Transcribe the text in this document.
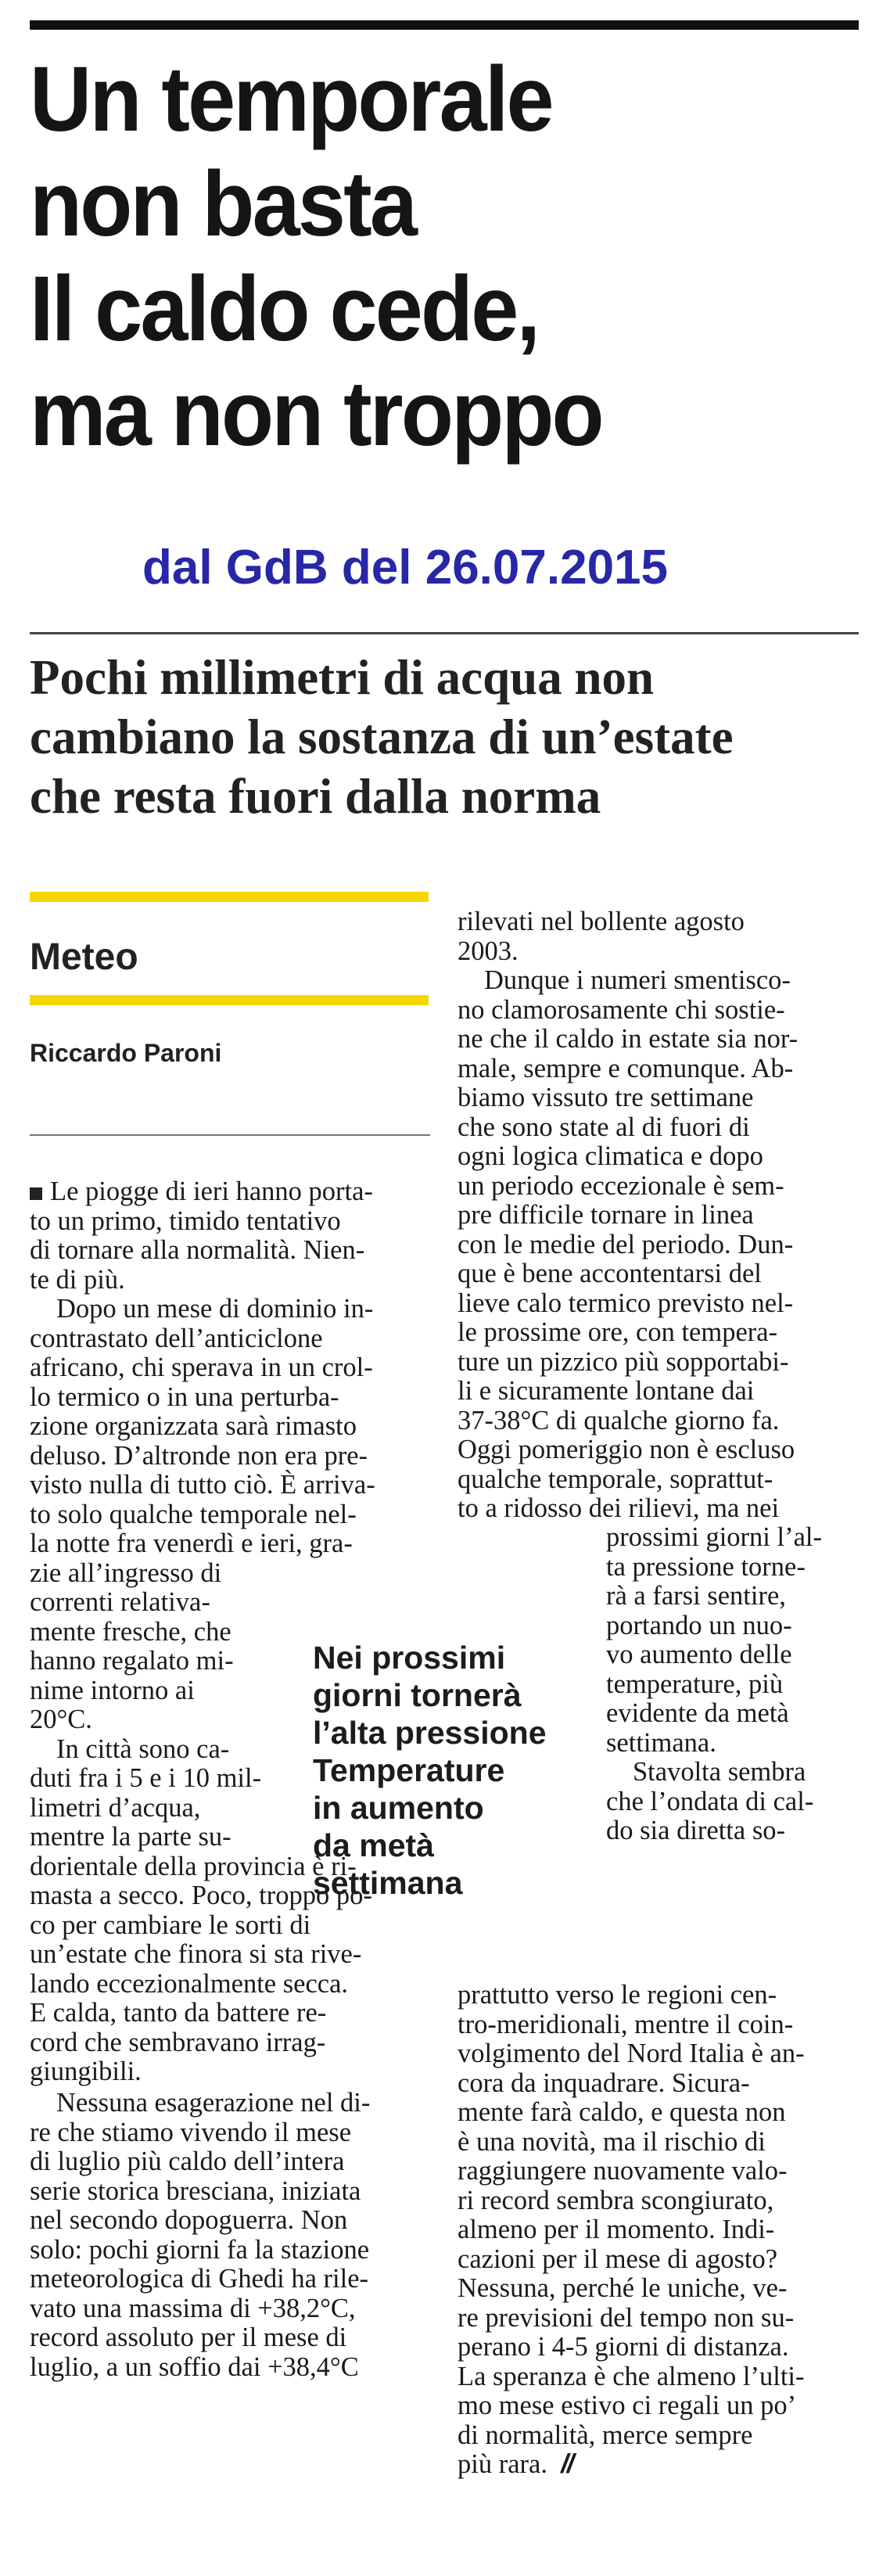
Un temporale
non basta
Il caldo cede,
ma non troppo

dal GdB del 26.07.2015

Pochi millimetri di acqua non
cambiano la sostanza di un’estate
che resta fuori dalla norma

Meteo

Riccardo Paroni

Le piogge di ieri hanno porta-
to un primo, timido tentativo
di tornare alla normalità. Nien-
te di più.
Dopo un mese di dominio in-
contrastato dell’anticiclone
africano, chi sperava in un crol-
lo termico o in una perturba-
zione organizzata sarà rimasto
deluso. D’altronde non era pre-
visto nulla di tutto ciò. È arriva-
to solo qualche temporale nel-
la notte fra venerdì e ieri, gra-
zie all’ingresso di
correnti relativa-
mente fresche, che
hanno regalato mi-
nime intorno ai
20°C.
In città sono ca-
duti fra i 5 e i 10 mil-
limetri d’acqua,
mentre la parte su-
dorientale della provincia è ri-
masta a secco. Poco, troppo po-
co per cambiare le sorti di
un’estate che finora si sta rive-
lando eccezionalmente secca.
E calda, tanto da battere re-
cord che sembravano irrag-
giungibili.
Nei prossimi
giorni tornerà
l’alta pressione
Temperature
in aumento
da metà
settimana
rilevati nel bollente agosto
2003.
Dunque i numeri smentisco-
no clamorosamente chi sostie-
ne che il caldo in estate sia nor-
male, sempre e comunque. Ab-
biamo vissuto tre settimane
che sono state al di fuori di
ogni logica climatica e dopo
un periodo eccezionale è sem-
pre difficile tornare in linea
con le medie del periodo. Dun-
que è bene accontentarsi del
lieve calo termico previsto nel-
le prossime ore, con tempera-
ture un pizzico più sopportabi-
li e sicuramente lontane dai
37-38°C di qualche giorno fa.
Oggi pomeriggio non è escluso
qualche temporale, soprattut-
to a ridosso dei rilievi, ma nei
prossimi giorni l’al-
ta pressione torne-
rà a farsi sentire,
portando un nuo-
vo aumento delle
temperature, più
evidente da metà
settimana.
Stavolta sembra
che l’ondata di cal-
do sia diretta so-
Nessuna esagerazione nel di-
re che stiamo vivendo il mese
di luglio più caldo dell’intera
serie storica bresciana, iniziata
nel secondo dopoguerra. Non
solo: pochi giorni fa la stazione
meteorologica di Ghedi ha rile-
vato una massima di +38,2°C,
record assoluto per il mese di
luglio, a un soffio dai +38,4°C
prattutto verso le regioni cen-
tro-meridionali, mentre il coin-
volgimento del Nord Italia è an-
cora da inquadrare. Sicura-
mente farà caldo, e questa non
è una novità, ma il rischio di
raggiungere nuovamente valo-
ri record sembra scongiurato,
almeno per il momento. Indi-
cazioni per il mese di agosto?
Nessuna, perché le uniche, ve-
re previsioni del tempo non su-
perano i 4-5 giorni di distanza.
La speranza è che almeno l’ulti-
mo mese estivo ci regali un po’
di normalità, merce sempre
più rara. //
